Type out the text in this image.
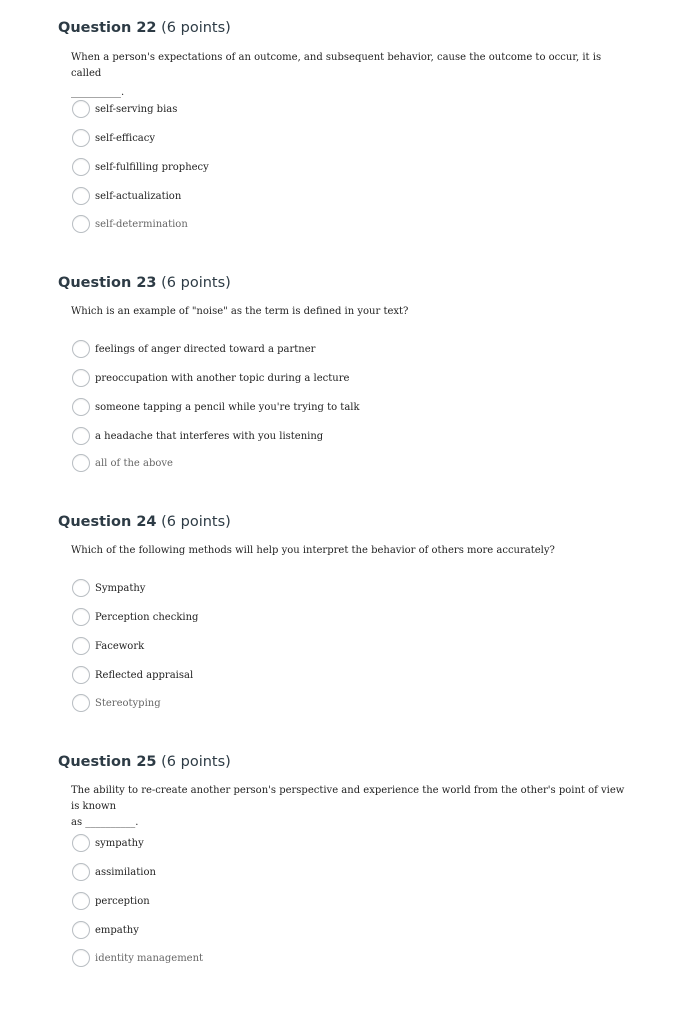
Question 22 (6 points)
When a person's expectations of an outcome, and subsequent behavior, cause the outcome to occur, it is called
__________.
self-serving bias
self-efficacy
self-fulfilling prophecy
self-actualization
self-determination
Question 23 (6 points)
Which is an example of "noise" as the term is defined in your text?
feelings of anger directed toward a partner
preoccupation with another topic during a lecture
someone tapping a pencil while you're trying to talk
a headache that interferes with you listening
all of the above
Question 24 (6 points)
Which of the following methods will help you interpret the behavior of others more accurately?
Sympathy
Perception checking
Facework
Reflected appraisal
Stereotyping
Question 25 (6 points)
The ability to re-create another person's perspective and experience the world from the other's point of view is known
as __________.
sympathy
assimilation
perception
empathy
identity management
